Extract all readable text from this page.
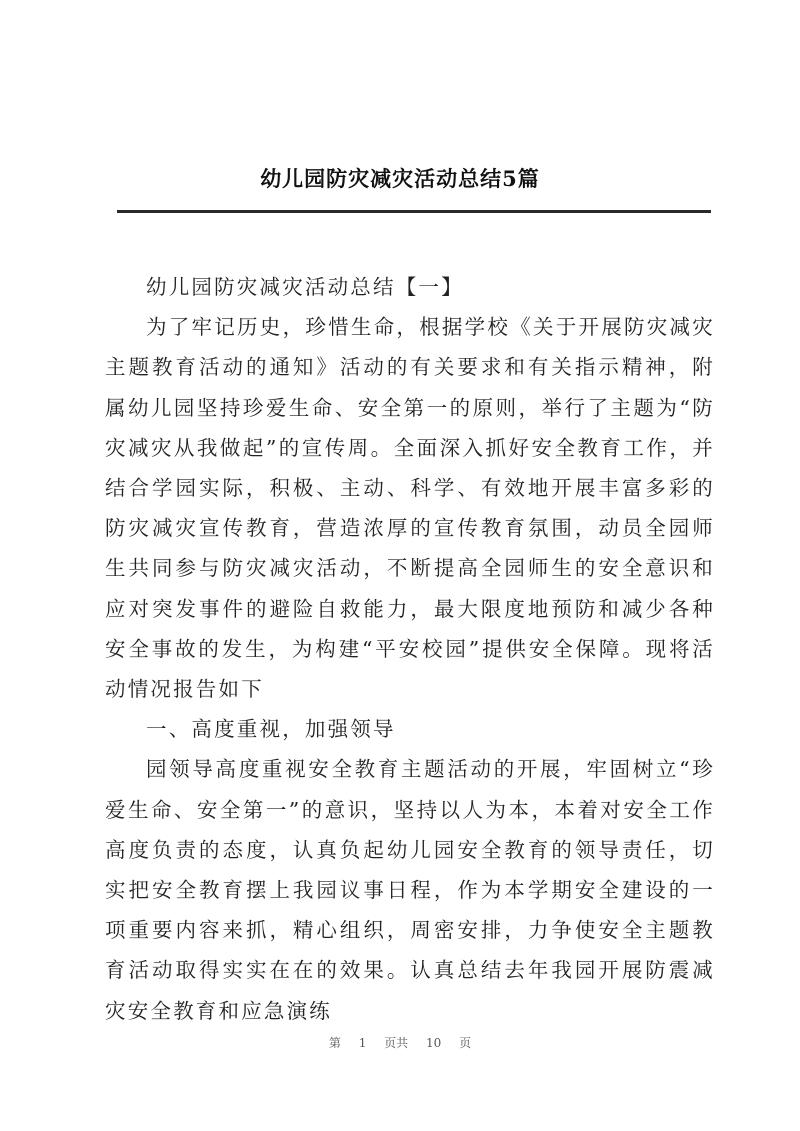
幼儿园防灾减灾活动总结5篇

幼儿园防灾减灾活动总结【一】

为了牢记历史，珍惜生命，根据学校《关于开展防灾减灾主题教育活动的通知》活动的有关要求和有关指示精神，附属幼儿园坚持珍爱生命、安全第一的原则，举行了主题为“防灾减灾从我做起”的宣传周。全面深入抓好安全教育工作，并结合学园实际，积极、主动、科学、有效地开展丰富多彩的防灾减灾宣传教育，营造浓厚的宣传教育氛围，动员全园师生共同参与防灾减灾活动，不断提高全园师生的安全意识和应对突发事件的避险自救能力，最大限度地预防和减少各种安全事故的发生，为构建“平安校园”提供安全保障。现将活动情况报告如下

一、高度重视，加强领导

园领导高度重视安全教育主题活动的开展，牢固树立“珍爱生命、安全第一”的意识，坚持以人为本，本着对安全工作高度负责的态度，认真负起幼儿园安全教育的领导责任，切实把安全教育摆上我园议事日程，作为本学期安全建设的一项重要内容来抓，精心组织，周密安排，力争使安全主题教育活动取得实实在在的效果。认真总结去年我园开展防震减灾安全教育和应急演练

第 1 页共 10 页
